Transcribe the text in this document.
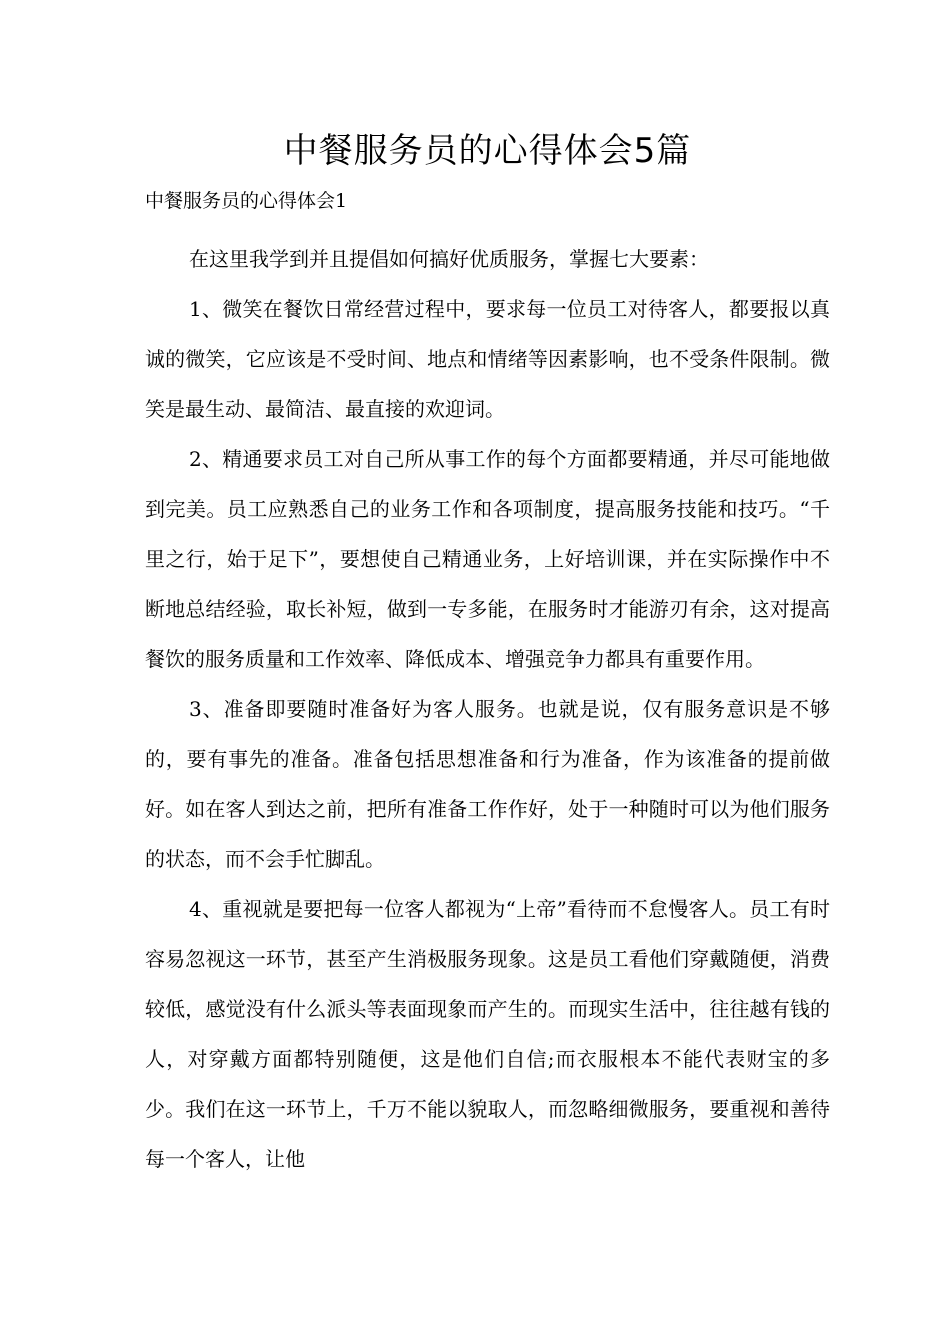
中餐服务员的心得体会5篇

中餐服务员的心得体会1

在这里我学到并且提倡如何搞好优质服务，掌握七大要素：

1、微笑在餐饮日常经营过程中，要求每一位员工对待客人，都要报以真诚的微笑，它应该是不受时间、地点和情绪等因素影响，也不受条件限制。微笑是最生动、最简洁、最直接的欢迎词。

2、精通要求员工对自己所从事工作的每个方面都要精通，并尽可能地做到完美。员工应熟悉自己的业务工作和各项制度，提高服务技能和技巧。“千里之行，始于足下”，要想使自己精通业务，上好培训课，并在实际操作中不断地总结经验，取长补短，做到一专多能，在服务时才能游刃有余，这对提高餐饮的服务质量和工作效率、降低成本、增强竞争力都具有重要作用。

3、准备即要随时准备好为客人服务。也就是说，仅有服务意识是不够的，要有事先的准备。准备包括思想准备和行为准备，作为该准备的提前做好。如在客人到达之前，把所有准备工作作好，处于一种随时可以为他们服务的状态，而不会手忙脚乱。

4、重视就是要把每一位客人都视为“上帝”看待而不怠慢客人。员工有时容易忽视这一环节，甚至产生消极服务现象。这是员工看他们穿戴随便，消费较低，感觉没有什么派头等表面现象而产生的。而现实生活中，往往越有钱的人，对穿戴方面都特别随便，这是他们自信;而衣服根本不能代表财宝的多少。我们在这一环节上，千万不能以貌取人，而忽略细微服务，要重视和善待每一个客人，让他
